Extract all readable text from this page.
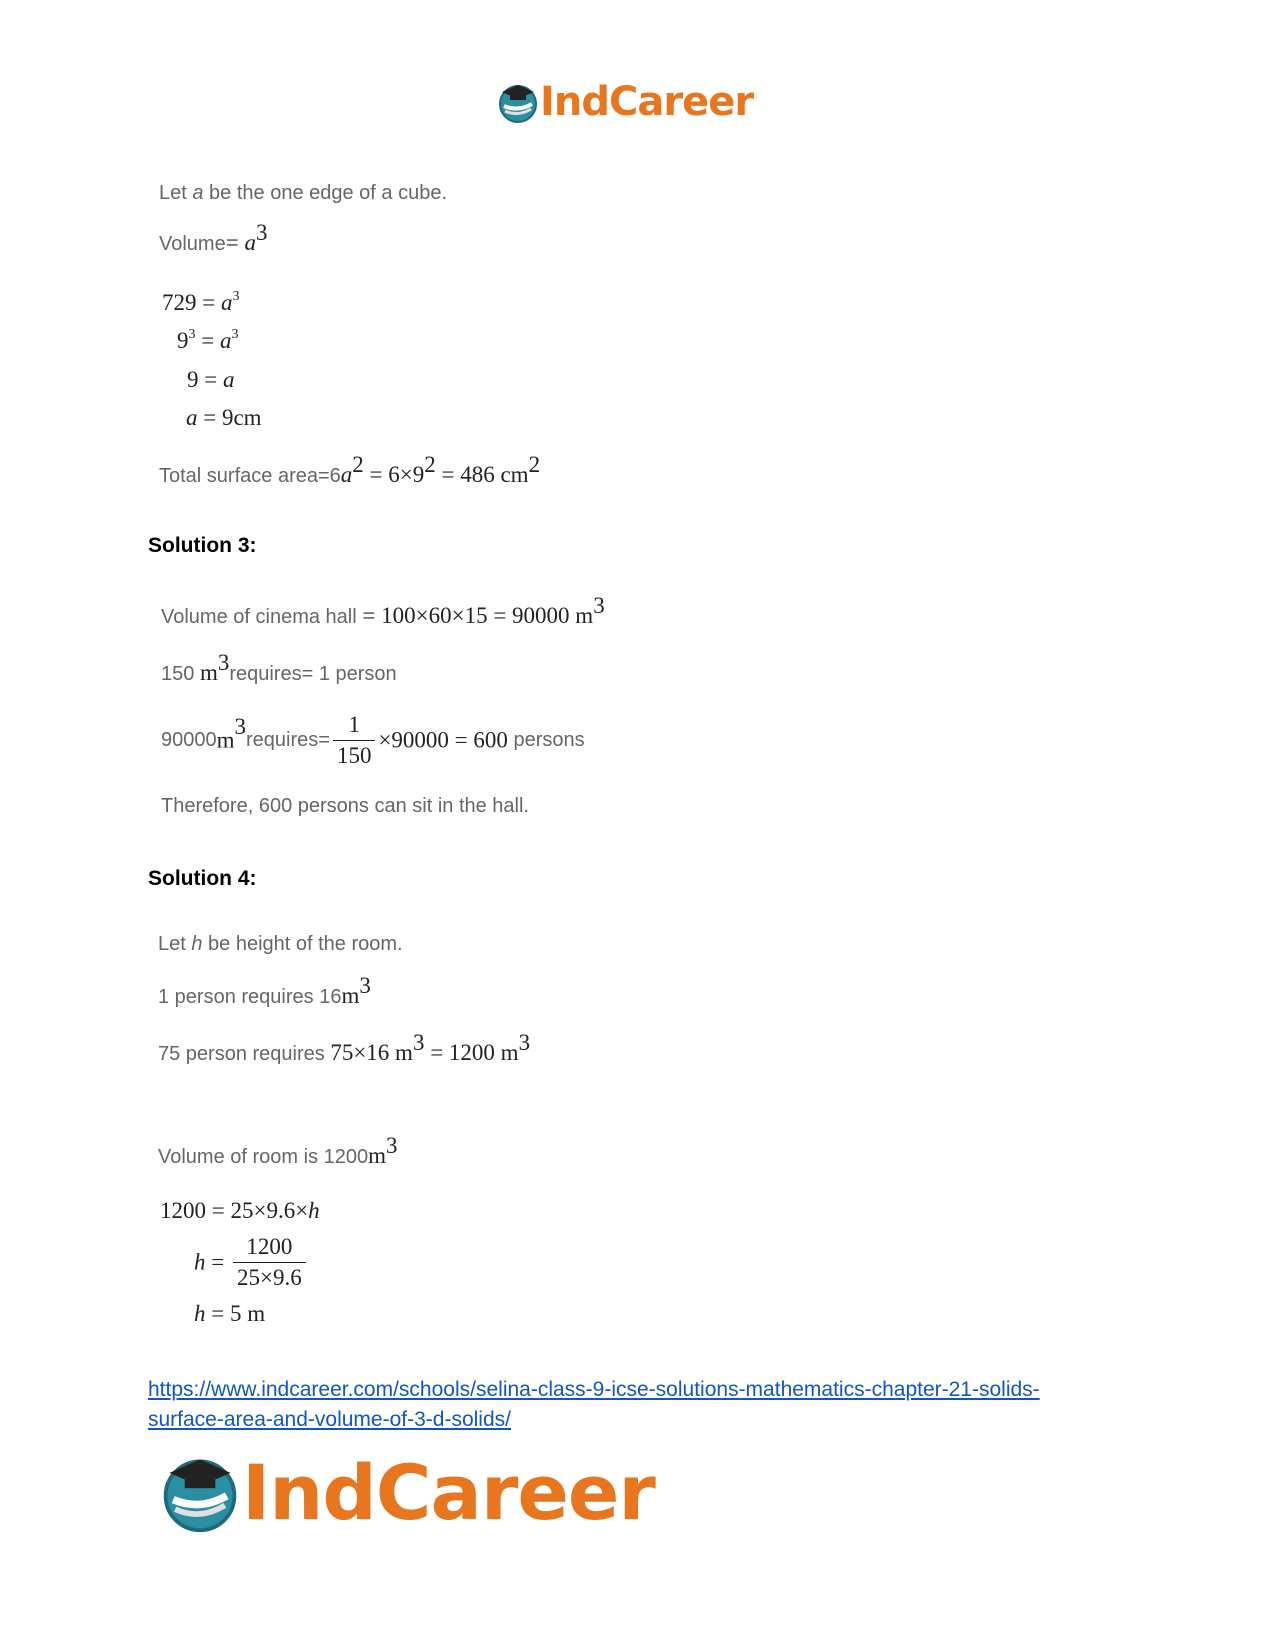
IndCareer
Let a be the one edge of a cube.
Volume= $a^3$
$729 = a^3$
$9^3 = a^3$
9 = a
a = 9cm
Total surface $area=6a^2 = 6\times 9^2 = 486$ $cm^2$
Solution 3:
Volume of cinema hall = 100×60×15 = 90000 $m^3$
150 $m^3requires= 1$ person
$90000m^3requires= \frac{1}{150} \times 90000 = 600$ persons
Therefore, 600 persons can sit in the hall.
Solution 4:
Let h be height of the room.
1 person requires $16m^3$
75 person requires 75×16 $m^3 = 1200$ $m^3$
Volume of room is $1200m^3$
1200 = 25×9.6×h
$h = \frac{1200}{25\times 9.6}$
h = 5 m
https://www.indcareer.com/schools/selina-class-9-icse-solutions-mathematics-chapter-21-solids-surface-area-and-volume-of-3-d-solids/
IndCareer
